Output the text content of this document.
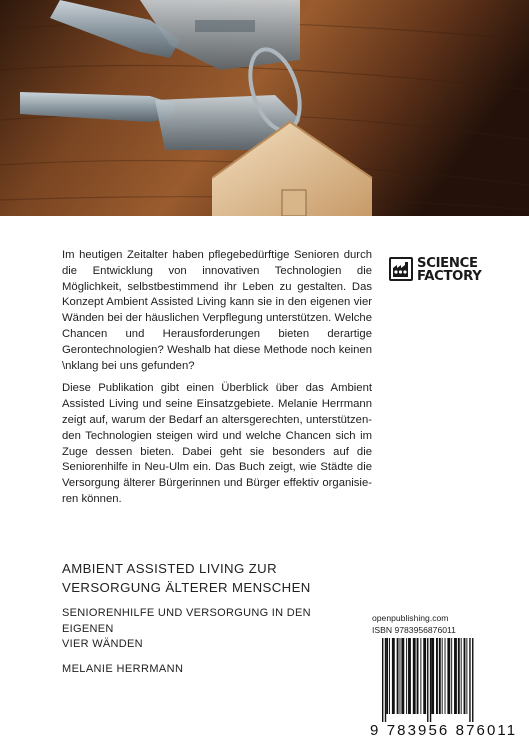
Im heutigen Zeitalter haben pflegebedürftige Senioren durch die Entwicklung von innovativen Technologien die Möglichkeit, selbstbestimmend ihr Leben zu gestalten. Das Konzept Ambient Assisted Living kann sie in den eigenen vier Wänden bei der häuslichen Verpflegung unterstützen. Welche Chancen und Herausforderungen bieten derartige Gerontechnologien? Weshalb hat diese Methode noch keinen \nklang bei uns gefunden?

Diese Publikation gibt einen Überblick über das Ambient Assisted Living und seine Einsatzgebiete. Melanie Herrmann zeigt auf, warum der Bedarf an altersgerechten, unterstützen-den Technologien steigen wird und welche Chancen sich im Zuge dessen bieten. Dabei geht sie besonders auf die Seniorenhilfe in Neu-Ulm ein. Das Buch zeigt, wie Städte die Versorgung älterer Bürgerinnen und Bürger effektiv organisie-ren können.

SCIENCE
FACTORY
AMBIENT ASSISTED LIVING ZUR
VERSORGUNG ÄLTERER MENSCHEN
SENIORENHILFE UND VERSORGUNG IN DEN EIGENEN
VIER WÄNDEN
MELANIE HERRMANN
openpublishing.com
ISBN 9783956876011
9 783956 876011
